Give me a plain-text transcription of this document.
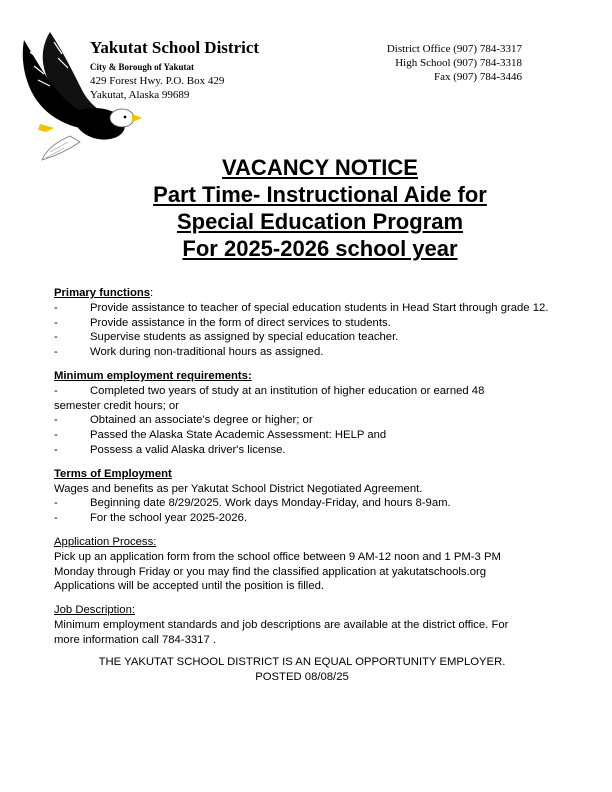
Yakutat School District
City & Borough of Yakutat
429 Forest Hwy. P.O. Box 429
Yakutat, Alaska 99689
District Office (907) 784-3317
High School (907) 784-3318
Fax (907) 784-3446
VACANCY NOTICE
Part Time- Instructional Aide for
Special Education Program
For 2025-2026 school year
Primary functions:
-	Provide assistance to teacher of special education students in Head Start through grade 12.
-	Provide assistance in the form of direct services to students.
-	Supervise students as assigned by special education teacher.
-	Work during non-traditional hours as assigned.
Minimum employment requirements:
-	Completed two years of study at an institution of higher education or earned 48
semester credit hours; or
-	Obtained an associate's degree or higher; or
-	Passed the Alaska State Academic Assessment: HELP and
-	Possess a valid Alaska driver's license.
Terms of Employment
Wages and benefits as per Yakutat School District Negotiated Agreement.
-	Beginning date 8/29/2025. Work days Monday-Friday, and hours 8-9am.
-	For the school year 2025-2026.
Application Process:
Pick up an application form from the school office between 9 AM-12 noon and 1 PM-3 PM
Monday through Friday or you may find the classified application at yakutatschools.org
Applications will be accepted until the position is filled.
Job Description:
Minimum employment standards and job descriptions are available at the district office. For
more information call 784-3317 .
THE YAKUTAT SCHOOL DISTRICT IS AN EQUAL OPPORTUNITY EMPLOYER.
POSTED 08/08/25
